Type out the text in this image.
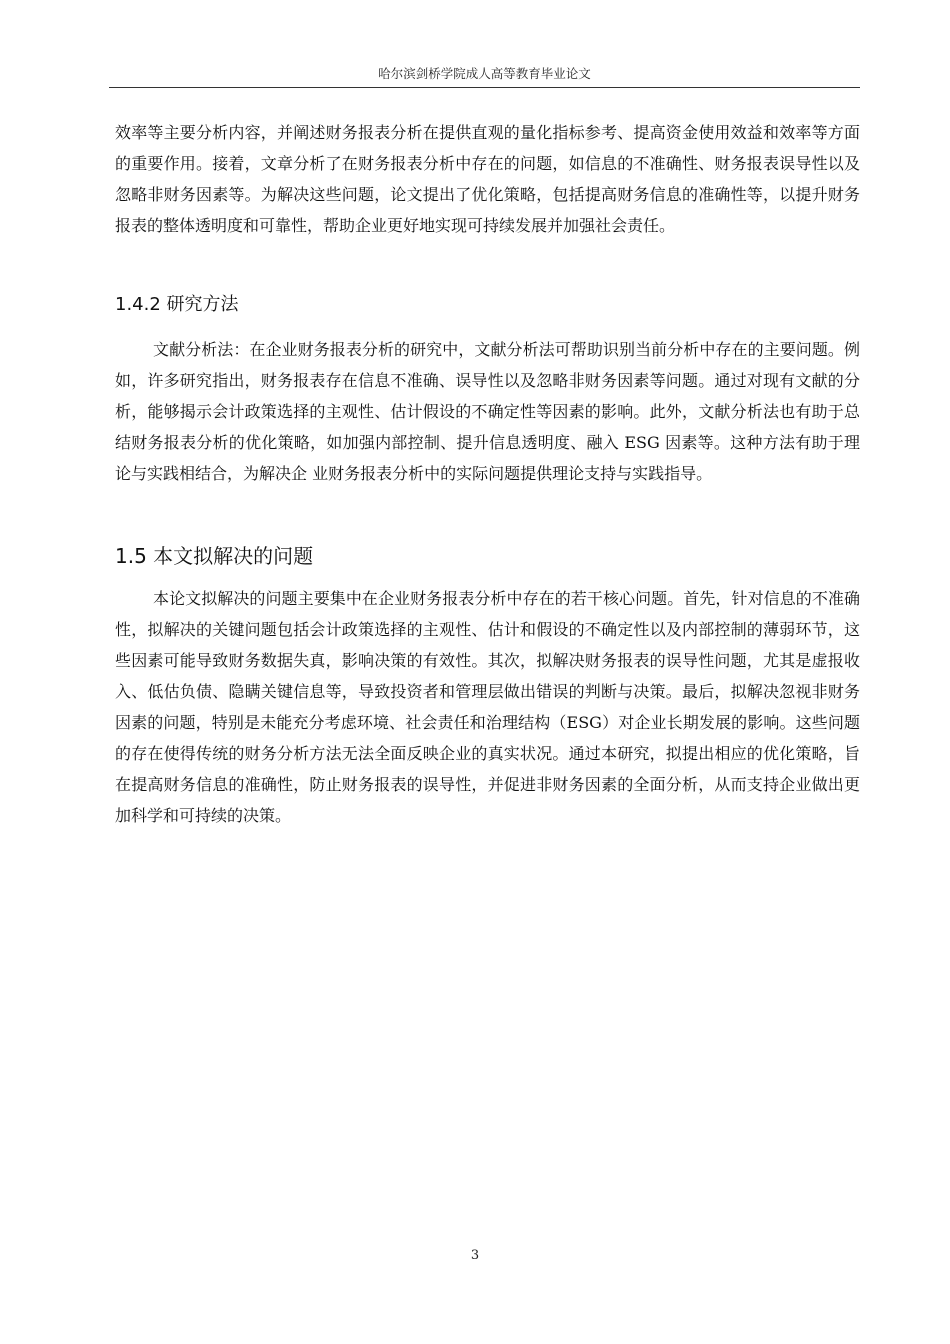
哈尔滨剑桥学院成人高等教育毕业论文

效率等主要分析内容，并阐述财务报表分析在提供直观的量化指标参考、提高资金使用效益和效率等方面的重要作用。接着，文章分析了在财务报表分析中存在的问题，如信息的不准确性、财务报表误导性以及忽略非财务因素等。为解决这些问题，论文提出了优化策略，包括提高财务信息的准确性等，以提升财务报表的整体透明度和可靠性，帮助企业更好地实现可持续发展并加强社会责任。

1.4.2 研究方法

文献分析法：在企业财务报表分析的研究中，文献分析法可帮助识别当前分析中存在的主要问题。例如，许多研究指出，财务报表存在信息不准确、误导性以及忽略非财务因素等问题。通过对现有文献的分析，能够揭示会计政策选择的主观性、估计假设的不确定性等因素的影响。此外，文献分析法也有助于总结财务报表分析的优化策略，如加强内部控制、提升信息透明度、融入 ESG 因素等。这种方法有助于理论与实践相结合，为解决企 业财务报表分析中的实际问题提供理论支持与实践指导。

1.5 本文拟解决的问题

本论文拟解决的问题主要集中在企业财务报表分析中存在的若干核心问题。首先，针对信息的不准确性，拟解决的关键问题包括会计政策选择的主观性、估计和假设的不确定性以及内部控制的薄弱环节，这些因素可能导致财务数据失真，影响决策的有效性。其次，拟解决财务报表的误导性问题，尤其是虚报收入、低估负债、隐瞒关键信息等，导致投资者和管理层做出错误的判断与决策。最后，拟解决忽视非财务因素的问题，特别是未能充分考虑环境、社会责任和治理结构（ESG）对企业长期发展的影响。这些问题的存在使得传统的财务分析方法无法全面反映企业的真实状况。通过本研究，拟提出相应的优化策略，旨在提高财务信息的准确性，防止财务报表的误导性，并促进非财务因素的全面分析，从而支持企业做出更加科学和可持续的决策。

3
